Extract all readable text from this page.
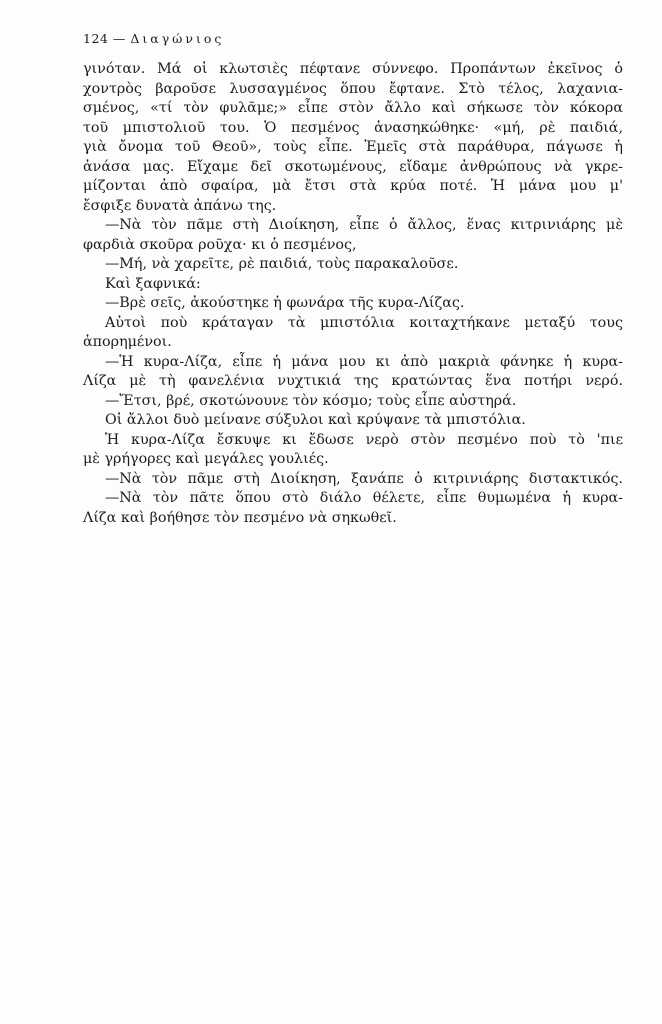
124 — Διαγώνιος
γινόταν. Μά οἱ κλωτσιὲς πέφτανε σύννεφο. Προπάντων ἐκεῖνος ὁ
χοντρὸς βαροῦσε λυσσαγμένος ὅπου ἔφτανε. Στὸ τέλος, λαχανια-
σμένος, «τί τὸν φυλᾶμε;» εἶπε στὸν ἄλλο καὶ σήκωσε τὸν κόκορα
τοῦ μπιστολιοῦ του. Ὁ πεσμένος ἀνασηκώθηκε· «μή, ρὲ παιδιά,
γιὰ ὄνομα τοῦ Θεοῦ», τοὺς εἶπε. Ἐμεῖς στὰ παράθυρα, πάγωσε ἡ
ἀνάσα μας. Εἴχαμε δεῖ σκοτωμένους, εἴδαμε ἀνθρώπους νὰ γκρε-
μίζονται ἀπὸ σφαίρα, μὰ ἔτσι στὰ κρύα ποτέ. Ἡ μάνα μου μ'
ἔσφιξε δυνατὰ ἀπάνω της.
—Νὰ τὸν πᾶμε στὴ Διοίκηση, εἶπε ὁ ἄλλος, ἕνας κιτρινιάρης μὲ
φαρδιὰ σκοῦρα ροῦχα· κι ὁ πεσμένος,
—Μή, νὰ χαρεῖτε, ρὲ παιδιά, τοὺς παρακαλοῦσε.
Καὶ ξαφνικά:
—Βρὲ σεῖς, ἀκούστηκε ἡ φωνάρα τῆς κυρα-Λίζας.
Αὐτοὶ ποὺ κράταγαν τὰ μπιστόλια κοιταχτήκανε μεταξύ τους
ἀπορημένοι.
—Ἡ κυρα-Λίζα, εἶπε ἡ μάνα μου κι ἀπὸ μακριὰ φάνηκε ἡ κυρα-
Λίζα μὲ τὴ φανελένια νυχτικιά της κρατώντας ἕνα ποτήρι νερό.
—Ἔτσι, βρέ, σκοτώνουνε τὸν κόσμο; τοὺς εἶπε αὐστηρά.
Οἱ ἄλλοι δυὸ μείνανε σύξυλοι καὶ κρύψανε τὰ μπιστόλια.
Ἡ κυρα-Λίζα ἔσκυψε κι ἔδωσε νερὸ στὸν πεσμένο ποὺ τὸ 'πιε
μὲ γρήγορες καὶ μεγάλες γουλιές.
—Νὰ τὸν πᾶμε στὴ Διοίκηση, ξανάπε ὁ κιτρινιάρης διστακτικός.
—Νὰ τὸν πᾶτε ὅπου στὸ διάλο θέλετε, εἶπε θυμωμένα ἡ κυρα-
Λίζα καὶ βοήθησε τὸν πεσμένο νὰ σηκωθεῖ.
